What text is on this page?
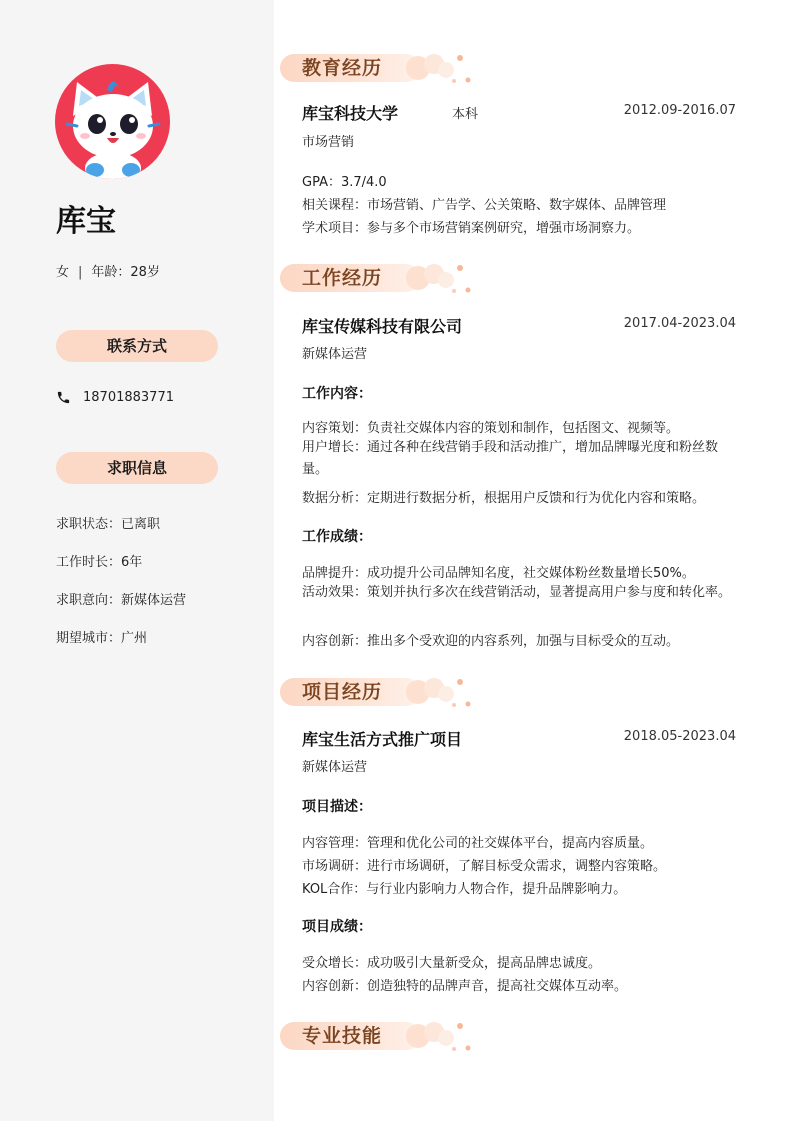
库宝
女 | 年龄：28岁
联系方式
18701883771
求职信息
求职状态：已离职
工作时长：6年
求职意向：新媒体运营
期望城市：广州
教育经历
库宝科技大学	本科	2012.09-2016.07
市场营销
GPA：3.7/4.0
相关课程：市场营销、广告学、公关策略、数字媒体、品牌管理
学术项目：参与多个市场营销案例研究，增强市场洞察力。
工作经历
库宝传媒科技有限公司	2017.04-2023.04
新媒体运营
工作内容：
内容策划：负责社交媒体内容的策划和制作，包括图文、视频等。
用户增长：通过各种在线营销手段和活动推广，增加品牌曝光度和粉丝数量。
数据分析：定期进行数据分析，根据用户反馈和行为优化内容和策略。
工作成绩：
品牌提升：成功提升公司品牌知名度，社交媒体粉丝数量增长50%。
活动效果：策划并执行多次在线营销活动，显著提高用户参与度和转化率。
内容创新：推出多个受欢迎的内容系列，加强与目标受众的互动。
项目经历
库宝生活方式推广项目	2018.05-2023.04
新媒体运营
项目描述：
内容管理：管理和优化公司的社交媒体平台，提高内容质量。
市场调研：进行市场调研，了解目标受众需求，调整内容策略。
KOL合作：与行业内影响力人物合作，提升品牌影响力。
项目成绩：
受众增长：成功吸引大量新受众，提高品牌忠诚度。
内容创新：创造独特的品牌声音，提高社交媒体互动率。
专业技能
